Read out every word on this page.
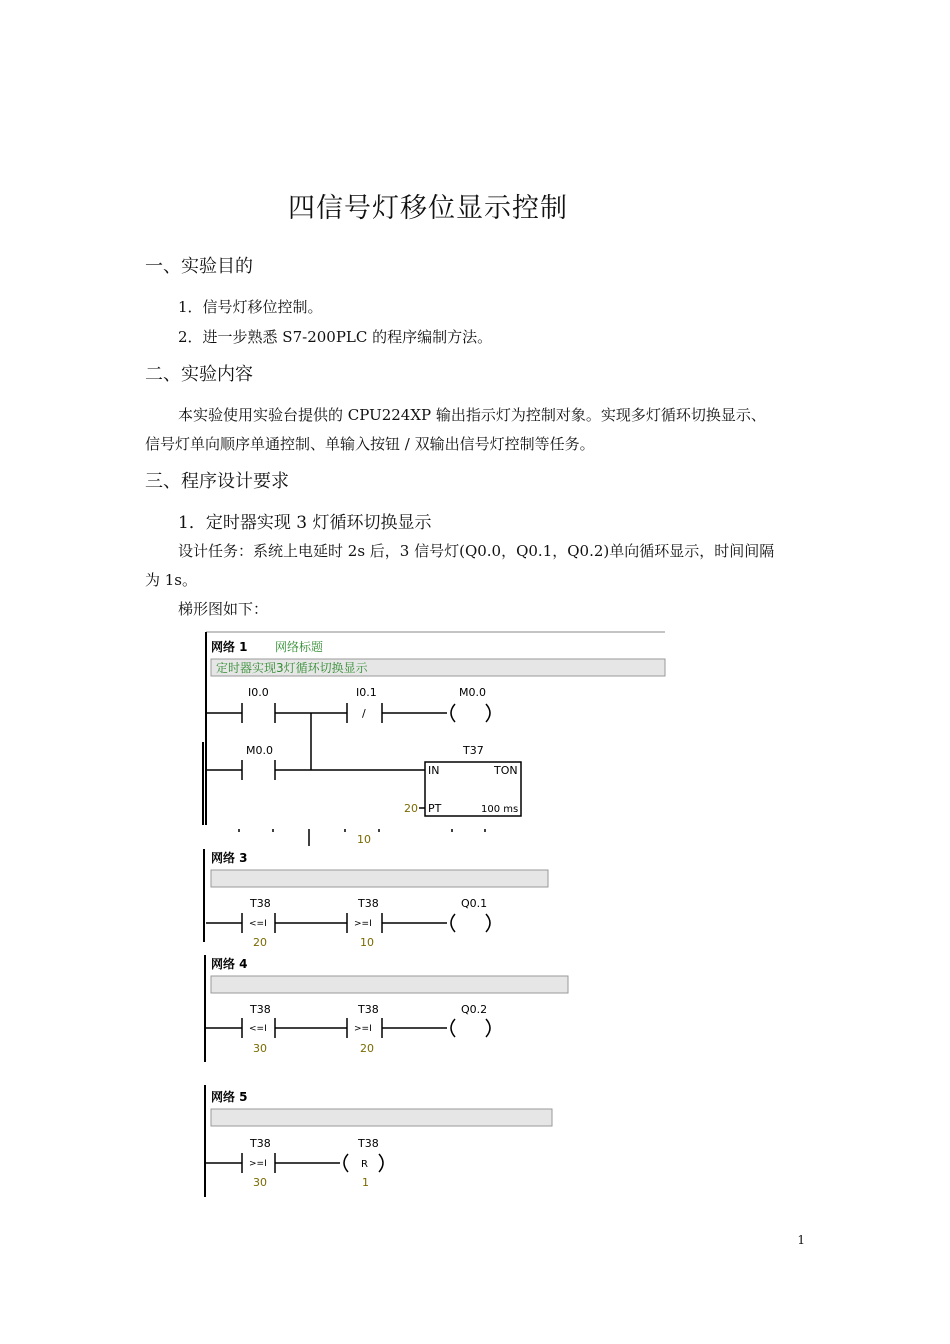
四信号灯移位显示控制
一、实验目的
1．信号灯移位控制。
2．进一步熟悉 S7-200PLC 的程序编制方法。
二、实验内容
本实验使用实验台提供的 CPU224XP 输出指示灯为控制对象。实现多灯循环切换显示、
信号灯单向顺序单通控制、单输入按钮 / 双输出信号灯控制等任务。
三、程序设计要求
1．定时器实现 3 灯循环切换显示
设计任务：系统上电延时 2s 后，3 信号灯(Q0.0，Q0.1，Q0.2)单向循环显示，时间间隔
为 1s。
梯形图如下：
网络 1 网络标题
定时器实现3灯循环切换显示
I0.0	I0.1
/
M0.0
M0.0	T37
IN	TON
PT
20	100 ms
10
网络 3
T38
<=I
20
T38
>=I
10
Q0.1
网络 4
T38
<=I
30
T38
>=I
20
Q0.2
网络 5
T38
>=I
30
T38
R
1
1
